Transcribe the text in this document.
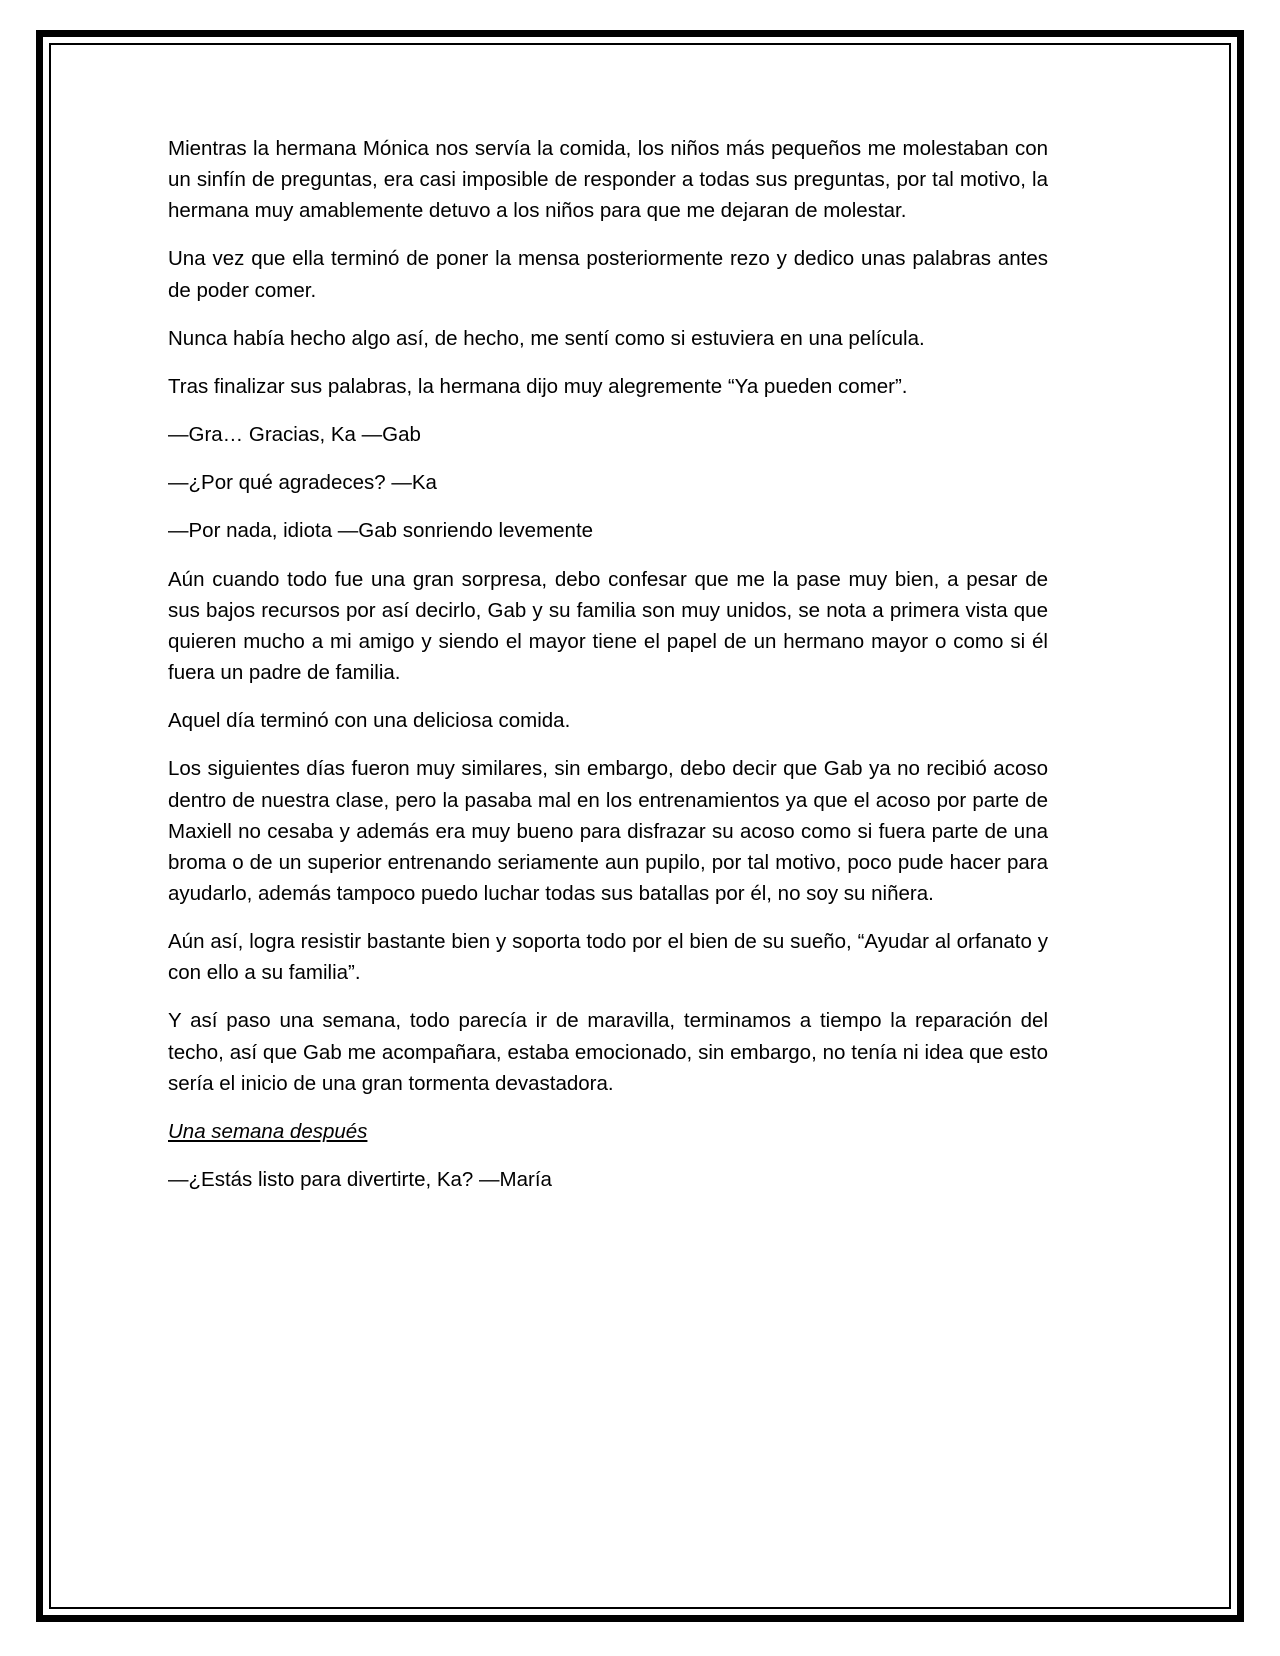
Mientras la hermana Mónica nos servía la comida, los niños más pequeños me molestaban con un sinfín de preguntas, era casi imposible de responder a todas sus preguntas, por tal motivo, la hermana muy amablemente detuvo a los niños para que me dejaran de molestar.

Una vez que ella terminó de poner la mensa posteriormente rezo y dedico unas palabras antes de poder comer.

Nunca había hecho algo así, de hecho, me sentí como si estuviera en una película.

Tras finalizar sus palabras, la hermana dijo muy alegremente “Ya pueden comer”.

—Gra… Gracias, Ka —Gab

—¿Por qué agradeces? —Ka

—Por nada, idiota —Gab sonriendo levemente

Aún cuando todo fue una gran sorpresa, debo confesar que me la pase muy bien, a pesar de sus bajos recursos por así decirlo, Gab y su familia son muy unidos, se nota a primera vista que quieren mucho a mi amigo y siendo el mayor tiene el papel de un hermano mayor o como si él fuera un padre de familia.

Aquel día terminó con una deliciosa comida.

Los siguientes días fueron muy similares, sin embargo, debo decir que Gab ya no recibió acoso dentro de nuestra clase, pero la pasaba mal en los entrenamientos ya que el acoso por parte de Maxiell no cesaba y además era muy bueno para disfrazar su acoso como si fuera parte de una broma o de un superior entrenando seriamente aun pupilo, por tal motivo, poco pude hacer para ayudarlo, además tampoco puedo luchar todas sus batallas por él, no soy su niñera.

Aún así, logra resistir bastante bien y soporta todo por el bien de su sueño, “Ayudar al orfanato y con ello a su familia”.

Y así paso una semana, todo parecía ir de maravilla, terminamos a tiempo la reparación del techo, así que Gab me acompañara, estaba emocionado, sin embargo, no tenía ni idea que esto sería el inicio de una gran tormenta devastadora.

Una semana después

—¿Estás listo para divertirte, Ka? —María
